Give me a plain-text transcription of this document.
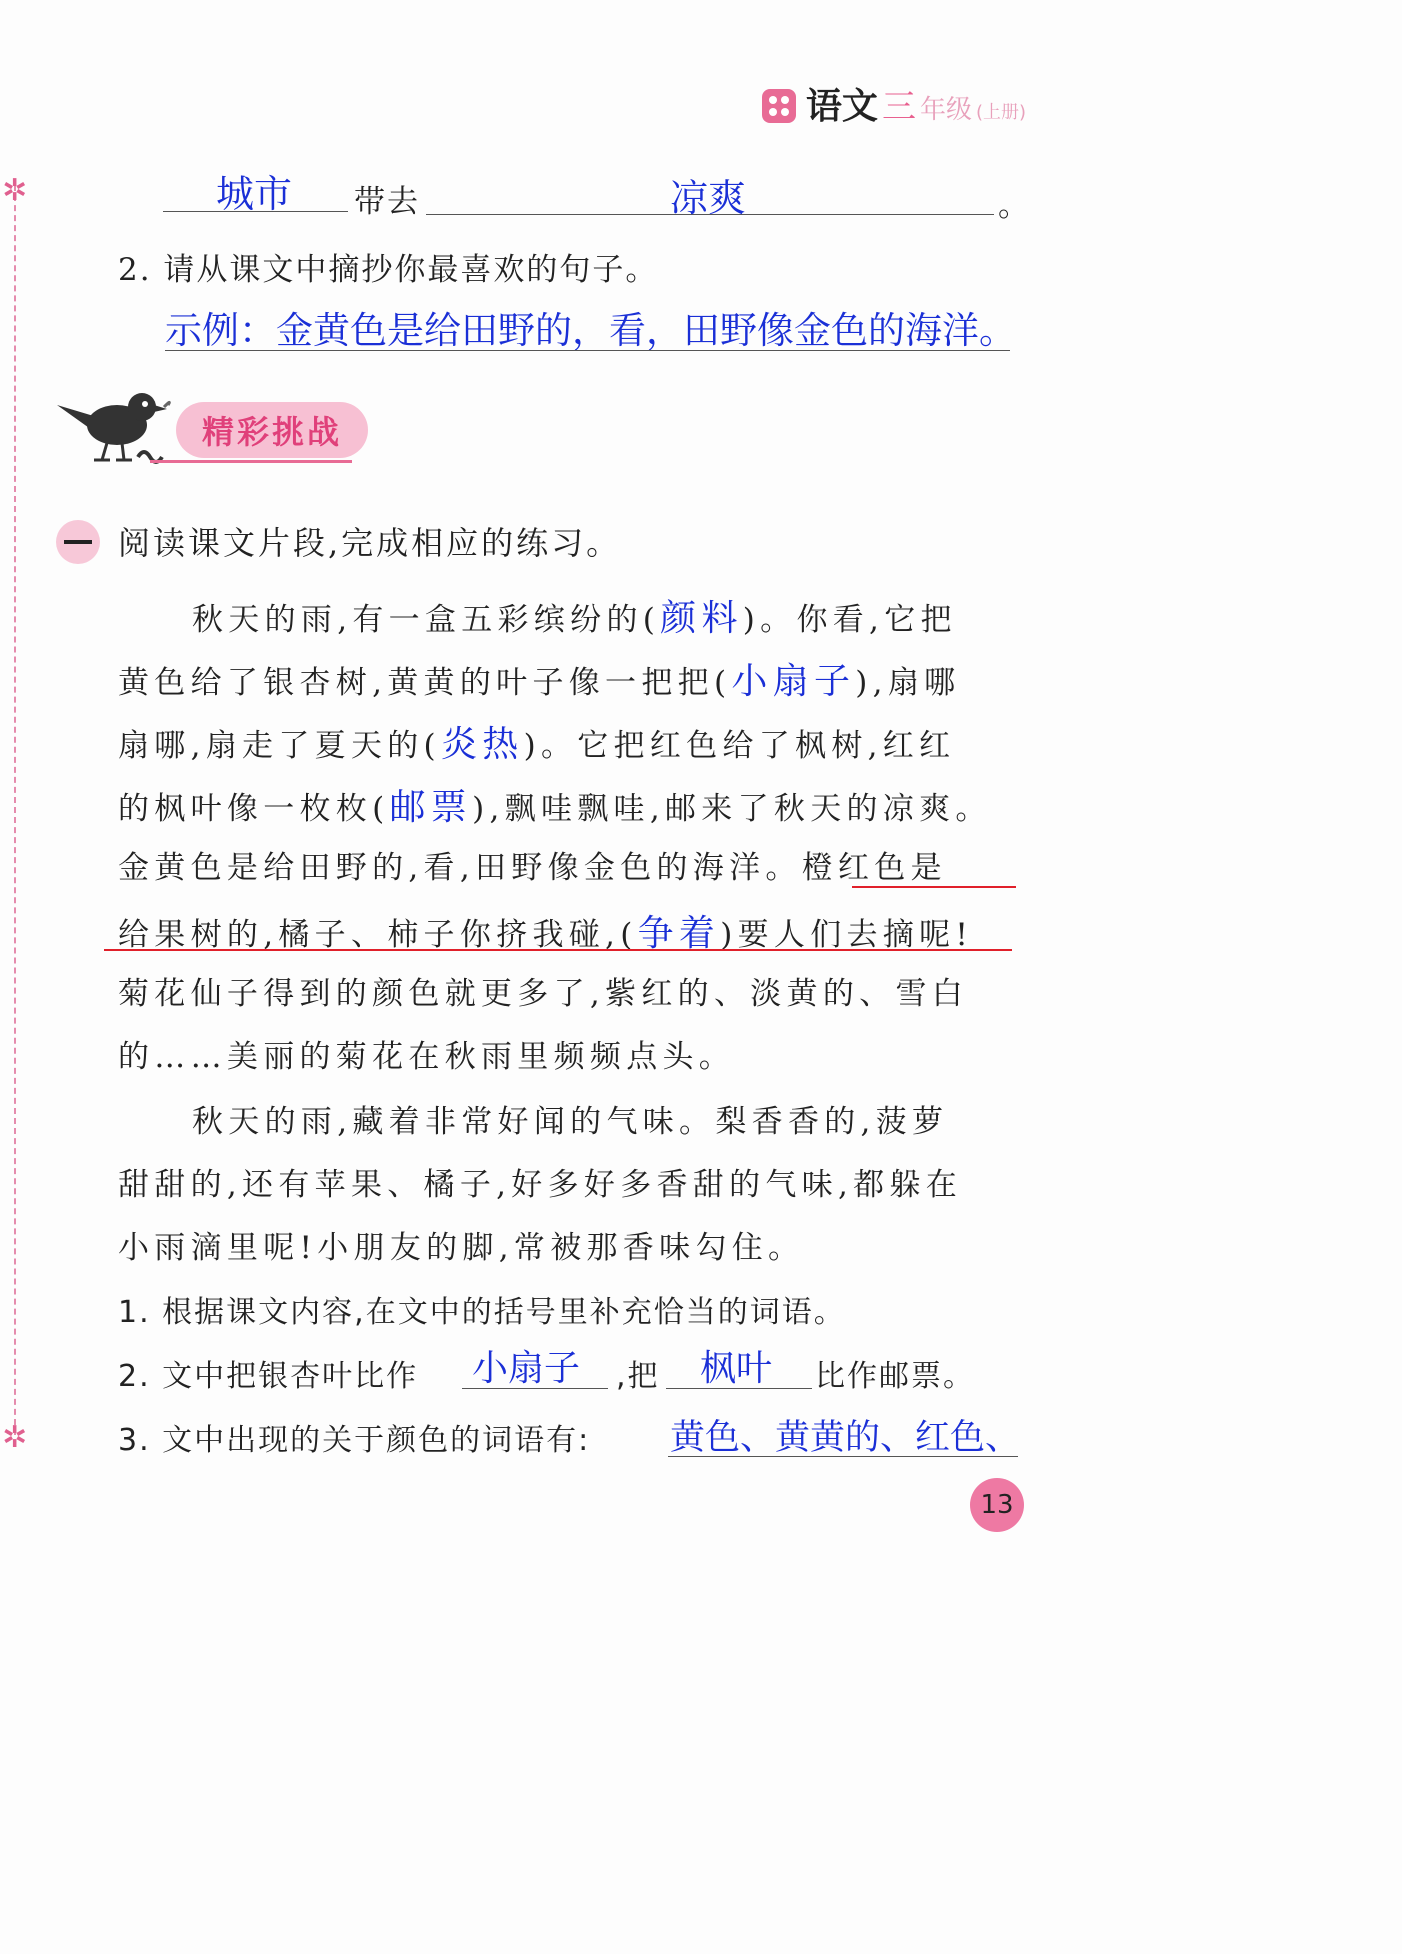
✲
✲
语文 三 年级 (上册)
城市 带去	凉爽	。
2. 请从课文中摘抄你最喜欢的句子。
示例：金黄色是给田野的，看，田野像金色的海洋。
精彩挑战
阅读课文片段,完成相应的练习。
秋天的雨,有一盒五彩缤纷的(颜料)。你看,它把
黄色给了银杏树,黄黄的叶子像一把把(小扇子),扇哪
扇哪,扇走了夏天的(炎热)。它把红色给了枫树,红红
的枫叶像一枚枚(邮票),飘哇飘哇,邮来了秋天的凉爽。
金黄色是给田野的,看,田野像金色的海洋。橙红色是
给果树的,橘子、柿子你挤我碰,(争着)要人们去摘呢!
菊花仙子得到的颜色就更多了,紫红的、淡黄的、雪白
的……美丽的菊花在秋雨里频频点头。
秋天的雨,藏着非常好闻的气味。梨香香的,菠萝
甜甜的,还有苹果、橘子,好多好多香甜的气味,都躲在
小雨滴里呢!小朋友的脚,常被那香味勾住。
1. 根据课文内容,在文中的括号里补充恰当的词语。
2. 文中把银杏叶比作 小扇子 ,把 枫叶 比作邮票。
3. 文中出现的关于颜色的词语有: 黄色、黄黄的、红色、
13
